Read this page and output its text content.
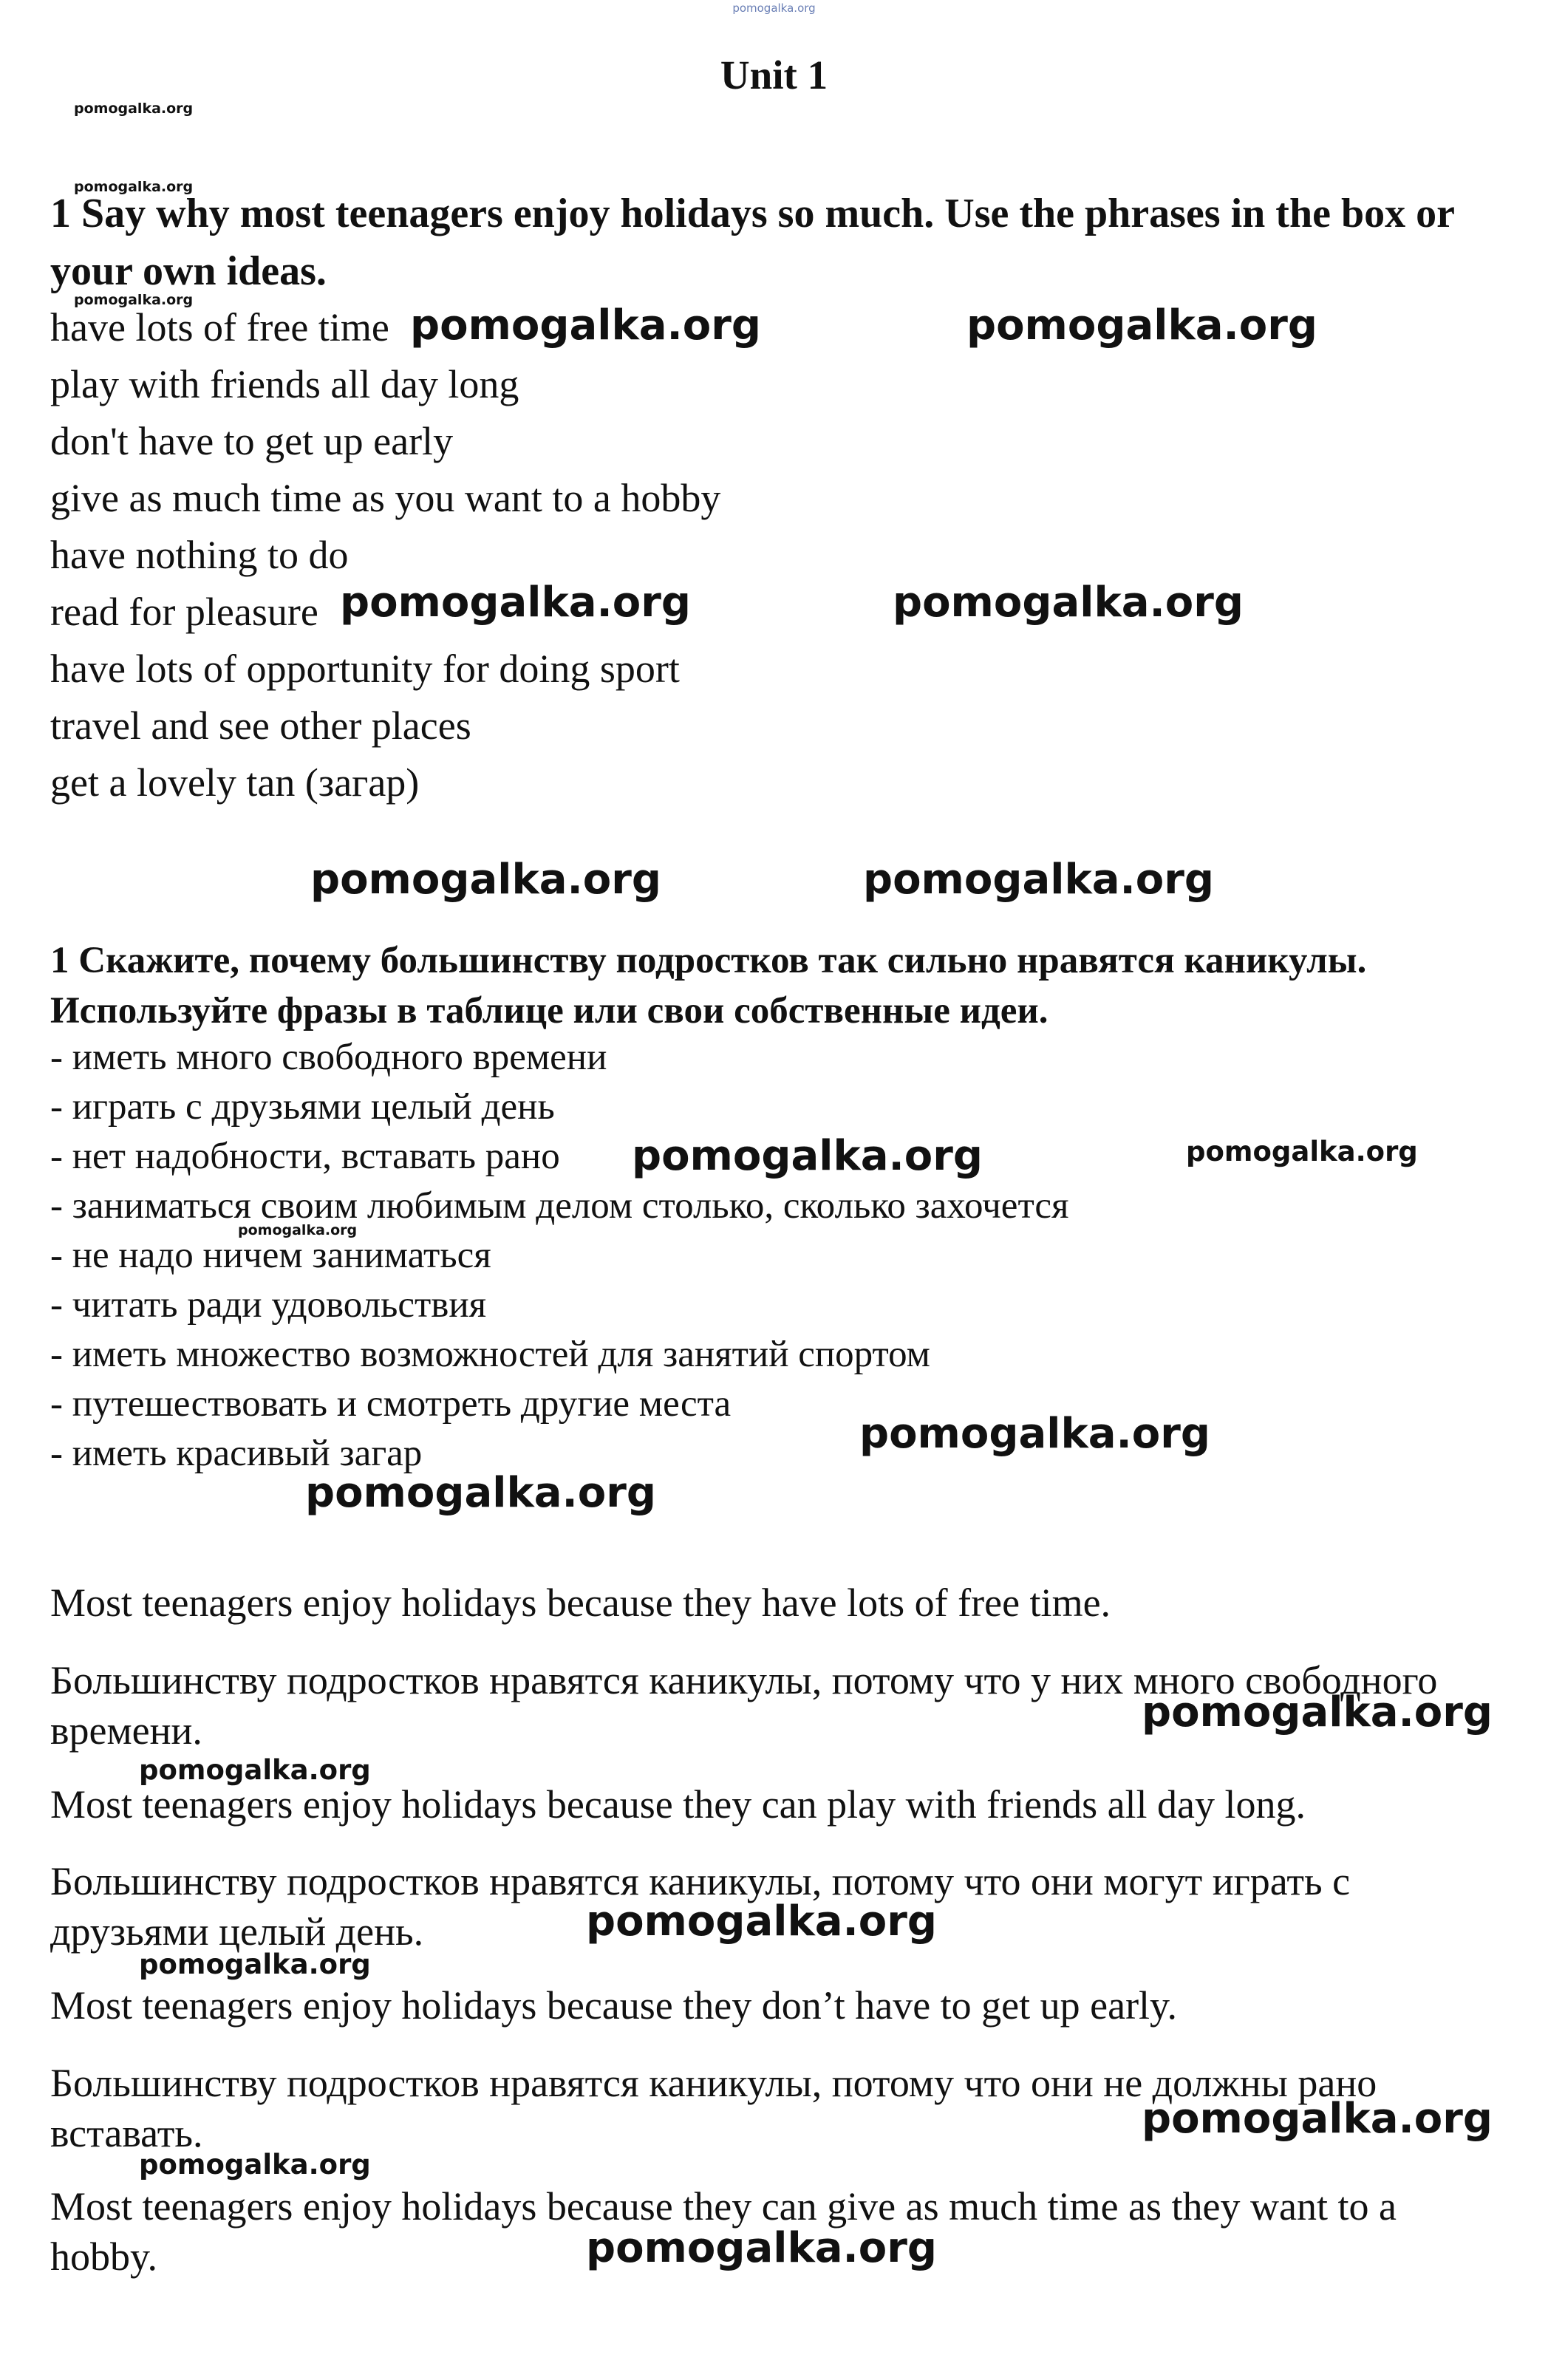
pomogalka.org
Unit 1

1 Say why most teenagers enjoy holidays so much. Use the phrases in the box or your own ideas.

have lots of free time
play with friends all day long
don't have to get up early
give as much time as you want to a hobby
have nothing to do
read for pleasure
have lots of opportunity for doing sport
travel and see other places
get a lovely tan (загар)

1 Скажите, почему большинству подростков так сильно нравятся каникулы. Используйте фразы в таблице или свои собственные идеи.

- иметь много свободного времени
- играть с друзьями целый день
- нет надобности, вставать рано
- заниматься своим любимым делом столько, сколько захочется
- не надо ничем заниматься
- читать ради удовольствия
- иметь множество возможностей для занятий спортом
- путешествовать и смотреть другие места
- иметь красивый загар

Most teenagers enjoy holidays because they have lots of free time.

Большинству подростков нравятся каникулы, потому что у них много свободного времени.

Most teenagers enjoy holidays because they can play with friends all day long.

Большинству подростков нравятся каникулы, потому что они могут играть с друзьями целый день.

Most teenagers enjoy holidays because they don’t have to get up early.

Большинству подростков нравятся каникулы, потому что они не должны рано вставать.

Most teenagers enjoy holidays because they can give as much time as they want to a hobby.

pomogalka.org
pomogalka.org
pomogalka.org
pomogalka.org	pomogalka.org
pomogalka.org	pomogalka.org
pomogalka.org	pomogalka.org
pomogalka.org	pomogalka.org
pomogalka.org
pomogalka.org
pomogalka.org
pomogalka.org
pomogalka.org
pomogalka.org
pomogalka.org
pomogalka.org
pomogalka.org
pomogalka.org
